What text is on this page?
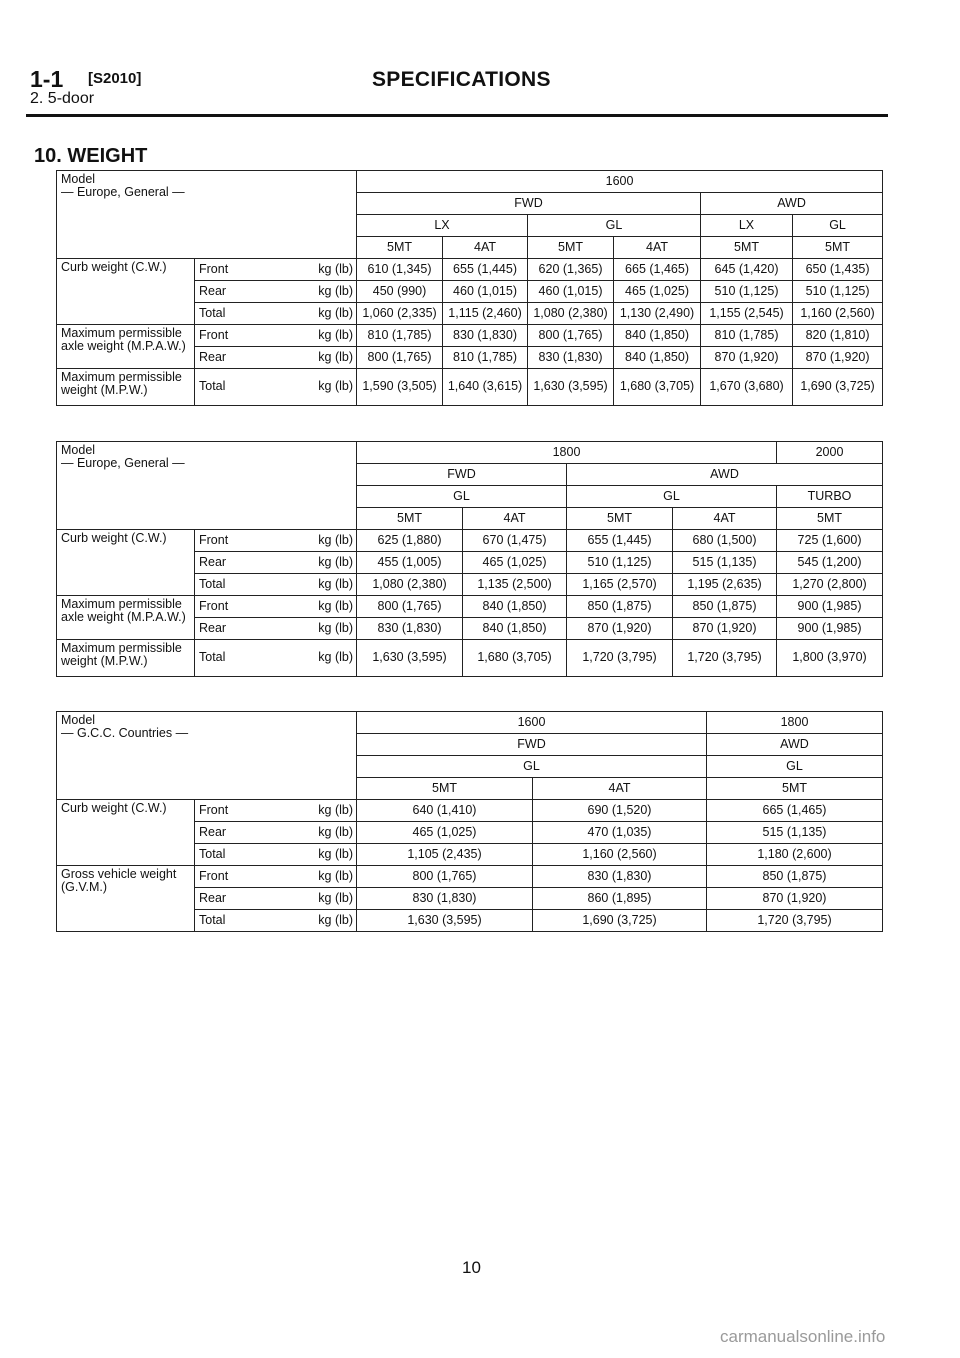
1-1 [S2010]	SPECIFICATIONS
2. 5-door
10. WEIGHT
Model
— Europe, General —			1600					
			FWD				AWD	
			LX		GL		LX	GL
			5MT	4AT	5MT	4AT	5MT	5MT
Curb weight (C.W.)	Front	kg (lb)	610 (1,345)	655 (1,445)	620 (1,365)	665 (1,465)	645 (1,420)	650 (1,435)
	Rear	kg (lb)	450 (990)	460 (1,015)	460 (1,015)	465 (1,025)	510 (1,125)	510 (1,125)
	Total	kg (lb)	1,060 (2,335)	1,115 (2,460)	1,080 (2,380)	1,130 (2,490)	1,155 (2,545)	1,160 (2,560)
Maximum permissible axle weight (M.P.A.W.)	Front	kg (lb)	810 (1,785)	830 (1,830)	800 (1,765)	840 (1,850)	810 (1,785)	820 (1,810)
	Rear	kg (lb)	800 (1,765)	810 (1,785)	830 (1,830)	840 (1,850)	870 (1,920)	870 (1,920)
Maximum permissible weight (M.P.W.)	Total	kg (lb)	1,590 (3,505)	1,640 (3,615)	1,630 (3,595)	1,680 (3,705)	1,670 (3,680)	1,690 (3,725)
Model
— Europe, General —			1800				2000
			FWD		AWD		
			GL		GL		TURBO
			5MT	4AT	5MT	4AT	5MT
Curb weight (C.W.)	Front	kg (lb)	625 (1,880)	670 (1,475)	655 (1,445)	680 (1,500)	725 (1,600)
	Rear	kg (lb)	455 (1,005)	465 (1,025)	510 (1,125)	515 (1,135)	545 (1,200)
	Total	kg (lb)	1,080 (2,380)	1,135 (2,500)	1,165 (2,570)	1,195 (2,635)	1,270 (2,800)
Maximum permissible axle weight (M.P.A.W.)	Front	kg (lb)	800 (1,765)	840 (1,850)	850 (1,875)	850 (1,875)	900 (1,985)
	Rear	kg (lb)	830 (1,830)	840 (1,850)	870 (1,920)	870 (1,920)	900 (1,985)
Maximum permissible weight (M.P.W.)	Total	kg (lb)	1,630 (3,595)	1,680 (3,705)	1,720 (3,795)	1,720 (3,795)	1,800 (3,970)
Model
— G.C.C. Countries —			1600		1800
			FWD		AWD
			GL		GL
			5MT	4AT	5MT
Curb weight (C.W.)	Front	kg (lb)	640 (1,410)	690 (1,520)	665 (1,465)
	Rear	kg (lb)	465 (1,025)	470 (1,035)	515 (1,135)
	Total	kg (lb)	1,105 (2,435)	1,160 (2,560)	1,180 (2,600)
Gross vehicle weight (G.V.M.)	Front	kg (lb)	800 (1,765)	830 (1,830)	850 (1,875)
	Rear	kg (lb)	830 (1,830)	860 (1,895)	870 (1,920)
	Total	kg (lb)	1,630 (3,595)	1,690 (3,725)	1,720 (3,795)
10
carmanualsonline.info
